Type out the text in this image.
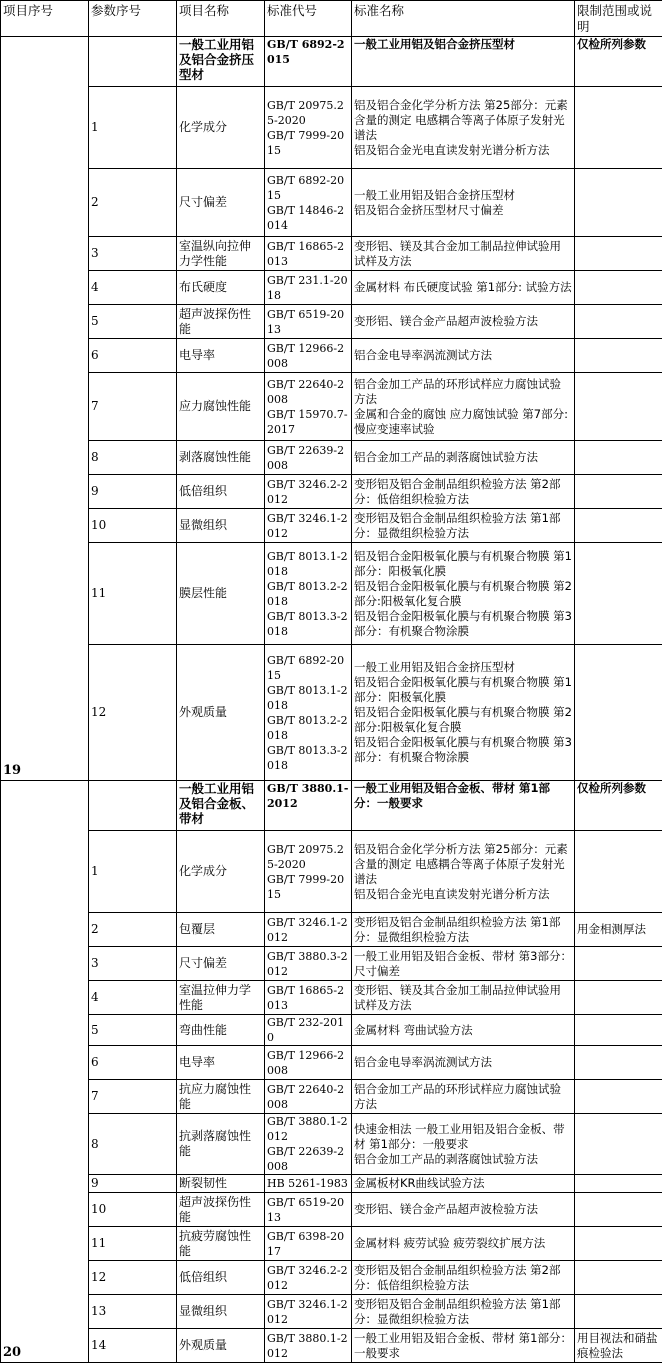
项目序号	参数序号	项目名称	标准代号	标准名称	限制范围或说明
19		一般工业用铝及铝合金挤压型材	GB/T 6892-2015	一般工业用铝及铝合金挤压型材	仅检所列参数
	1	化学成分	GB/T 20975.25-2020
GB/T 7999-2015	铝及铝合金化学分析方法 第25部分：元素含量的测定 电感耦合等离子体原子发射光谱法
铝及铝合金光电直读发射光谱分析方法	

	2	尺寸偏差	GB/T 6892-2015
GB/T 14846-2014	一般工业用铝及铝合金挤压型材
铝及铝合金挤压型材尺寸偏差	

	3	室温纵向拉伸力学性能	GB/T 16865-2013	变形铝、镁及其合金加工制品拉伸试验用试样及方法	

	4	布氏硬度	GB/T 231.1-2018	金属材料 布氏硬度试验 第1部分: 试验方法	

	5	超声波探伤性能	GB/T 6519-2013	变形铝、镁合金产品超声波检验方法	

	6	电导率	GB/T 12966-2008	铝合金电导率涡流测试方法	

	7	应力腐蚀性能	GB/T 22640-2008
GB/T 15970.7-2017	铝合金加工产品的环形试样应力腐蚀试验方法
金属和合金的腐蚀 应力腐蚀试验 第7部分: 慢应变速率试验	

	8	剥落腐蚀性能	GB/T 22639-2008	铝合金加工产品的剥落腐蚀试验方法	

	9	低倍组织	GB/T 3246.2-2012	变形铝及铝合金制品组织检验方法 第2部分：低倍组织检验方法	

	10	显微组织	GB/T 3246.1-2012	变形铝及铝合金制品组织检验方法 第1部分：显微组织检验方法	

	11	膜层性能	GB/T 8013.1-2018
GB/T 8013.2-2018
GB/T 8013.3-2018	铝及铝合金阳极氧化膜与有机聚合物膜 第1部分：阳极氧化膜
铝及铝合金阳极氧化膜与有机聚合物膜 第2部分:阳极氧化复合膜
铝及铝合金阳极氧化膜与有机聚合物膜 第3部分：有机聚合物涂膜	

	12	外观质量	GB/T 6892-2015
GB/T 8013.1-2018
GB/T 8013.2-2018
GB/T 8013.3-2018	一般工业用铝及铝合金挤压型材
铝及铝合金阳极氧化膜与有机聚合物膜 第1部分：阳极氧化膜
铝及铝合金阳极氧化膜与有机聚合物膜 第2部分:阳极氧化复合膜
铝及铝合金阳极氧化膜与有机聚合物膜 第3部分：有机聚合物涂膜	

20		一般工业用铝及铝合金板、带材	GB/T 3880.1-2012	一般工业用铝及铝合金板、带材 第1部分：一般要求	仅检所列参数
	1	化学成分	GB/T 20975.25-2020
GB/T 7999-2015	铝及铝合金化学分析方法 第25部分：元素含量的测定 电感耦合等离子体原子发射光谱法
铝及铝合金光电直读发射光谱分析方法	

	2	包覆层	GB/T 3246.1-2012	变形铝及铝合金制品组织检验方法 第1部分：显微组织检验方法	用金相测厚法
	3	尺寸偏差	GB/T 3880.3-2012	一般工业用铝及铝合金板、带材 第3部分：尺寸偏差	

	4	室温拉伸力学性能	GB/T 16865-2013	变形铝、镁及其合金加工制品拉伸试验用试样及方法	

	5	弯曲性能	GB/T 232-2010	金属材料 弯曲试验方法	

	6	电导率	GB/T 12966-2008	铝合金电导率涡流测试方法	

	7	抗应力腐蚀性能	GB/T 22640-2008	铝合金加工产品的环形试样应力腐蚀试验方法	

	8	抗剥落腐蚀性能	GB/T 3880.1-2012
GB/T 22639-2008	快速金相法 一般工业用铝及铝合金板、带材 第1部分：一般要求
铝合金加工产品的剥落腐蚀试验方法	

	9	断裂韧性	HB 5261-1983	金属板材KR曲线试验方法	

	10	超声波探伤性能	GB/T 6519-2013	变形铝、镁合金产品超声波检验方法	

	11	抗疲劳腐蚀性能	GB/T 6398-2017	金属材料 疲劳试验 疲劳裂纹扩展方法	

	12	低倍组织	GB/T 3246.2-2012	变形铝及铝合金制品组织检验方法 第2部分：低倍组织检验方法	

	13	显微组织	GB/T 3246.1-2012	变形铝及铝合金制品组织检验方法 第1部分：显微组织检验方法	

	14	外观质量	GB/T 3880.1-2012	一般工业用铝及铝合金板、带材 第1部分：一般要求	用目视法和硝盐痕检验法
